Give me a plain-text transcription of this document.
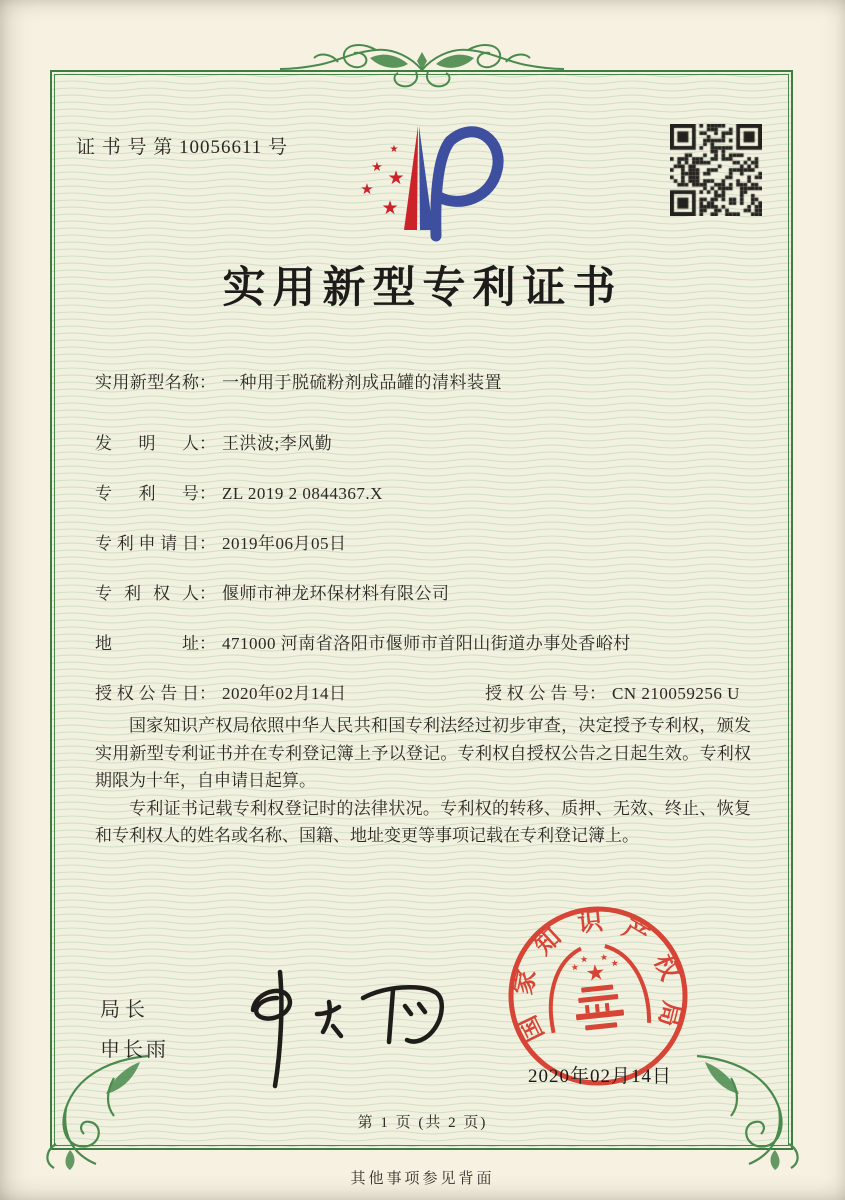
证 书 号 第 10056611 号	★
★ ★
★
★
实用新型专利证书
实用新型名称： 一种用于脱硫粉剂成品罐的清料装置
发明人： 王洪波;李风勤
专利号： ZL 2019 2 0844367.X
专利申请日： 2019年06月05日
专利权人： 偃师市神龙环保材料有限公司
地址： 471000 河南省洛阳市偃师市首阳山街道办事处香峪村
授权公告日： 2020年02月14日	授权公告号： CN 210059256 U

国家知识产权局依照中华人民共和国专利法经过初步审查，决定授予专利权，颁发实用新型专利证书并在专利登记簿上予以登记。专利权自授权公告之日起生效。专利权期限为十年，自申请日起算。

专利证书记载专利权登记时的法律状况。专利权的转移、质押、无效、终止、恢复和专利权人的姓名或名称、国籍、地址变更等事项记载在专利登记簿上。

局长
申长雨
国
家
知
识 产
权
局
★
★
★ ★
★
2020年02月14日
第 1 页 (共 2 页)
其他事项参见背面
